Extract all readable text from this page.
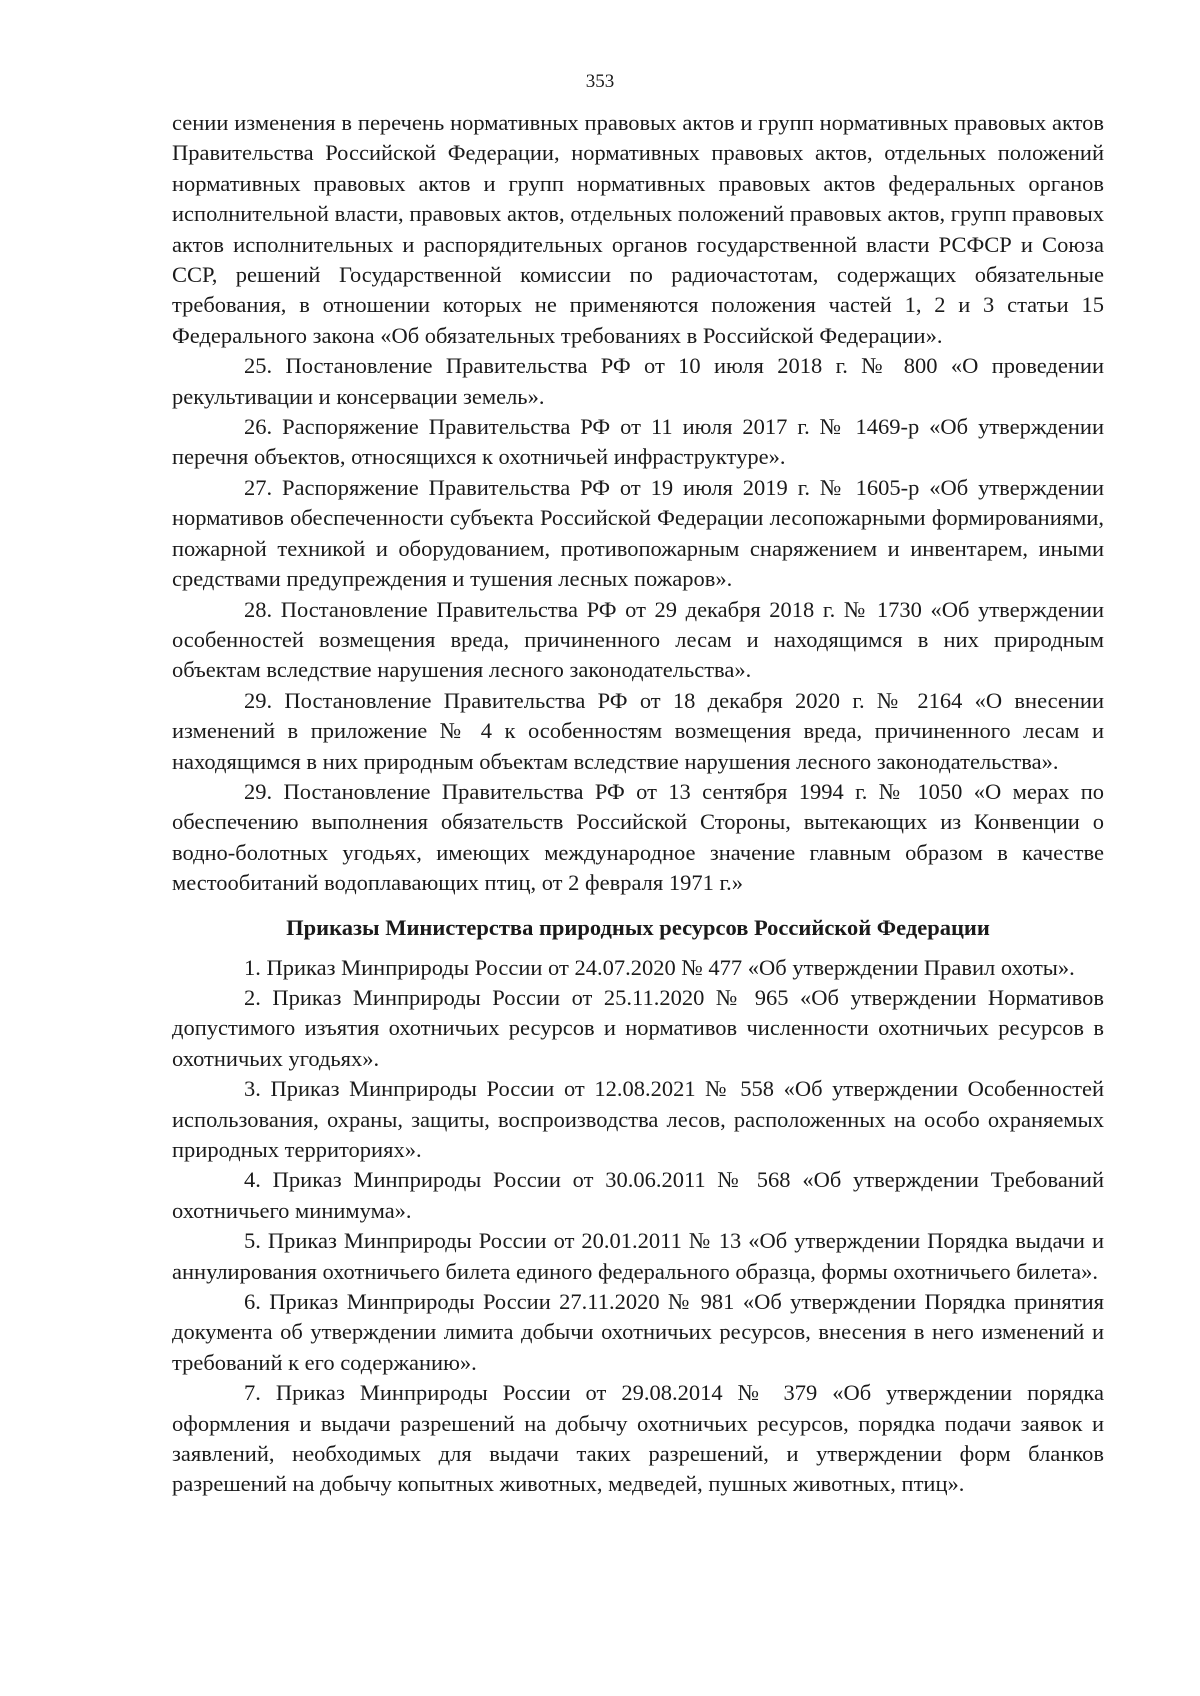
353

сении изменения в перечень нормативных правовых актов и групп нормативных правовых актов Правительства Российской Федерации, нормативных правовых актов, отдельных положений нормативных правовых актов и групп нормативных правовых актов федеральных органов исполнительной власти, правовых актов, отдельных положений правовых актов, групп правовых актов исполнительных и распорядительных органов государственной власти РСФСР и Союза ССР, решений Государственной комиссии по радиочастотам, содержащих обязательные требования, в отношении которых не применяются положения частей 1, 2 и 3 статьи 15 Федерального закона «Об обязательных требованиях в Российской Федерации».

25. Постановление Правительства РФ от 10 июля 2018 г. № 800 «О проведении рекультивации и консервации земель».

26. Распоряжение Правительства РФ от 11 июля 2017 г. № 1469-р «Об утверждении перечня объектов, относящихся к охотничьей инфраструктуре».

27. Распоряжение Правительства РФ от 19 июля 2019 г. № 1605-р «Об утверждении нормативов обеспеченности субъекта Российской Федерации лесопожарными формированиями, пожарной техникой и оборудованием, противопожарным снаряжением и инвентарем, иными средствами предупреждения и тушения лесных пожаров».

28. Постановление Правительства РФ от 29 декабря 2018 г. № 1730 «Об утверждении особенностей возмещения вреда, причиненного лесам и находящимся в них природным объектам вследствие нарушения лесного законодательства».

29. Постановление Правительства РФ от 18 декабря 2020 г. № 2164 «О внесении изменений в приложение № 4 к особенностям возмещения вреда, причиненного лесам и находящимся в них природным объектам вследствие нарушения лесного законодательства».

29. Постановление Правительства РФ от 13 сентября 1994 г. № 1050 «О мерах по обеспечению выполнения обязательств Российской Стороны, вытекающих из Конвенции о водно-болотных угодьях, имеющих международное значение главным образом в качестве местообитаний водоплавающих птиц, от 2 февраля 1971 г.»

Приказы Министерства природных ресурсов Российской Федерации

1. Приказ Минприроды России от 24.07.2020 № 477 «Об утверждении Правил охоты».

2. Приказ Минприроды России от 25.11.2020 № 965 «Об утверждении Нормативов допустимого изъятия охотничьих ресурсов и нормативов численности охотничьих ресурсов в охотничьих угодьях».

3. Приказ Минприроды России от 12.08.2021 № 558 «Об утверждении Особенностей использования, охраны, защиты, воспроизводства лесов, расположенных на особо охраняемых природных территориях».

4. Приказ Минприроды России от 30.06.2011 № 568 «Об утверждении Требований охотничьего минимума».

5. Приказ Минприроды России от 20.01.2011 № 13 «Об утверждении Порядка выдачи и аннулирования охотничьего билета единого федерального образца, формы охотничьего билета».

6. Приказ Минприроды России 27.11.2020 № 981 «Об утверждении Порядка принятия документа об утверждении лимита добычи охотничьих ресурсов, внесения в него изменений и требований к его содержанию».

7. Приказ Минприроды России от 29.08.2014 № 379 «Об утверждении порядка оформления и выдачи разрешений на добычу охотничьих ресурсов, порядка подачи заявок и заявлений, необходимых для выдачи таких разрешений, и утверждении форм бланков разрешений на добычу копытных животных, медведей, пушных животных, птиц».
